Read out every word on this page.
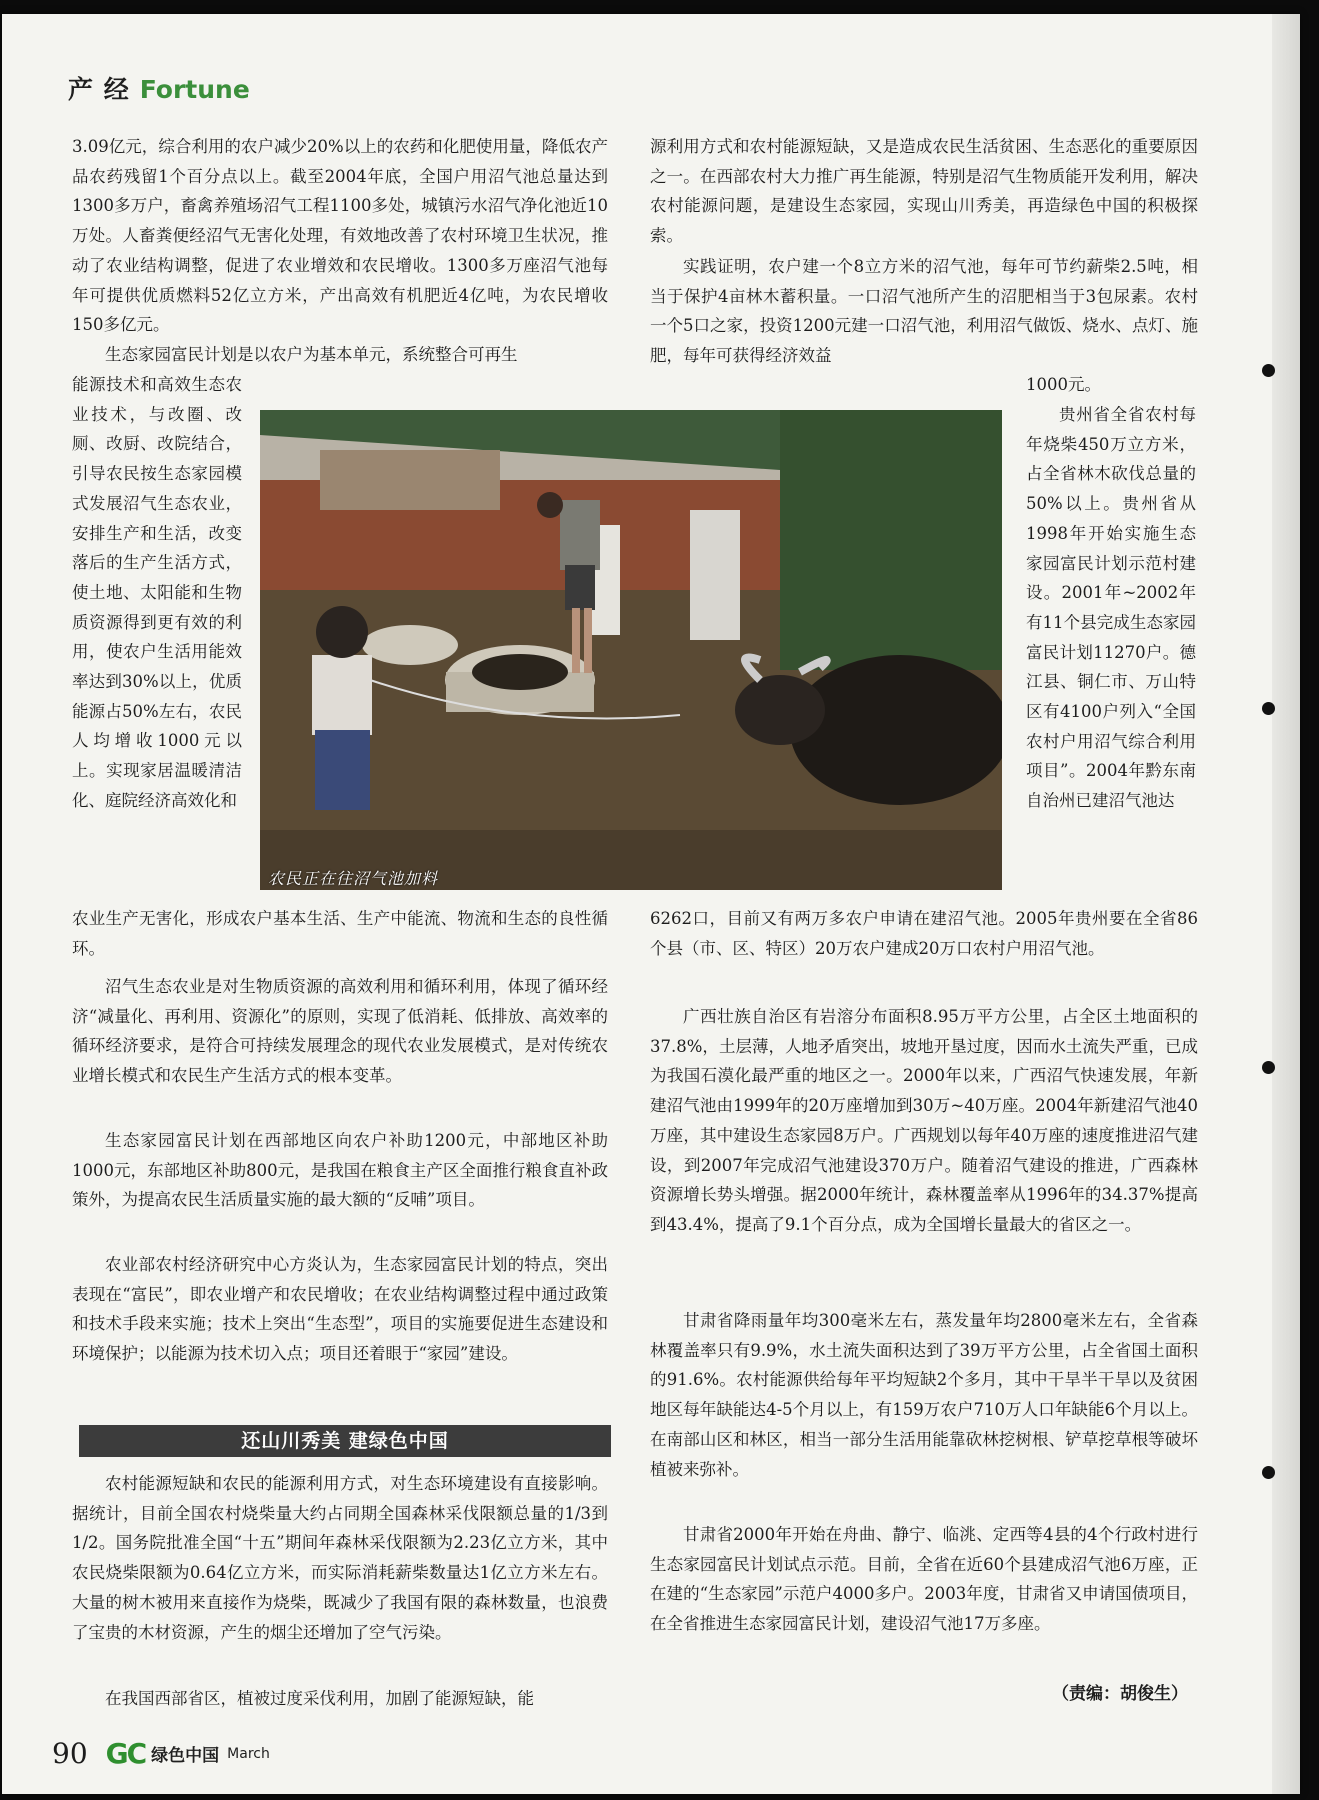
产 经 Fortune

3.09亿元，综合利用的农户减少20%以上的农药和化肥使用量，降低农产品农药残留1个百分点以上。截至2004年底，全国户用沼气池总量达到1300多万户，畜禽养殖场沼气工程1100多处，城镇污水沼气净化池近10万处。人畜粪便经沼气无害化处理，有效地改善了农村环境卫生状况，推动了农业结构调整，促进了农业增效和农民增收。1300多万座沼气池每年可提供优质燃料52亿立方米，产出高效有机肥近4亿吨，为农民增收150多亿元。

生态家园富民计划是以农户为基本单元，系统整合可再生

能源技术和高效生态农业技术，与改圈、改厕、改厨、改院结合，引导农民按生态家园模式发展沼气生态农业，安排生产和生活，改变落后的生产生活方式，使土地、太阳能和生物质资源得到更有效的利用，使农户生活用能效率达到30%以上，优质能源占50%左右，农民人均增收1000元以上。实现家居温暖清洁化、庭院经济高效化和

农业生产无害化，形成农户基本生活、生产中能流、物流和生态的良性循环。

沼气生态农业是对生物质资源的高效利用和循环利用，体现了循环经济“减量化、再利用、资源化”的原则，实现了低消耗、低排放、高效率的循环经济要求，是符合可持续发展理念的现代农业发展模式，是对传统农业增长模式和农民生产生活方式的根本变革。

生态家园富民计划在西部地区向农户补助1200元，中部地区补助1000元，东部地区补助800元，是我国在粮食主产区全面推行粮食直补政策外，为提高农民生活质量实施的最大额的“反哺”项目。

农业部农村经济研究中心方炎认为，生态家园富民计划的特点，突出表现在“富民”，即农业增产和农民增收；在农业结构调整过程中通过政策和技术手段来实施；技术上突出“生态型”，项目的实施要促进生态建设和环境保护；以能源为技术切入点；项目还着眼于“家园”建设。

还山川秀美 建绿色中国

农村能源短缺和农民的能源利用方式，对生态环境建设有直接影响。据统计，目前全国农村烧柴量大约占同期全国森林采伐限额总量的1/3到1/2。国务院批准全国“十五”期间年森林采伐限额为2.23亿立方米，其中农民烧柴限额为0.64亿立方米，而实际消耗薪柴数量达1亿立方米左右。大量的树木被用来直接作为烧柴，既减少了我国有限的森林数量，也浪费了宝贵的木材资源，产生的烟尘还增加了空气污染。

在我国西部省区，植被过度采伐利用，加剧了能源短缺，能

源利用方式和农村能源短缺，又是造成农民生活贫困、生态恶化的重要原因之一。在西部农村大力推广再生能源，特别是沼气生物质能开发利用，解决农村能源问题，是建设生态家园，实现山川秀美，再造绿色中国的积极探索。

实践证明，农户建一个8立方米的沼气池，每年可节约薪柴2.5吨，相当于保护4亩林木蓄积量。一口沼气池所产生的沼肥相当于3包尿素。农村一个5口之家，投资1200元建一口沼气池，利用沼气做饭、烧水、点灯、施肥，每年可获得经济效益

1000元。

贵州省全省农村每年烧柴450万立方米，占全省林木砍伐总量的50%以上。贵州省从1998年开始实施生态家园富民计划示范村建设。2001年~2002年有11个县完成生态家园富民计划11270户。德江县、铜仁市、万山特区有4100户列入“全国农村户用沼气综合利用项目”。2004年黔东南自治州已建沼气池达

6262口，目前又有两万多农户申请在建沼气池。2005年贵州要在全省86个县（市、区、特区）20万农户建成20万口农村户用沼气池。

广西壮族自治区有岩溶分布面积8.95万平方公里，占全区土地面积的37.8%，土层薄，人地矛盾突出，坡地开垦过度，因而水土流失严重，已成为我国石漠化最严重的地区之一。2000年以来，广西沼气快速发展，年新建沼气池由1999年的20万座增加到30万~40万座。2004年新建沼气池40万座，其中建设生态家园8万户。广西规划以每年40万座的速度推进沼气建设，到2007年完成沼气池建设370万户。随着沼气建设的推进，广西森林资源增长势头增强。据2000年统计，森林覆盖率从1996年的34.37%提高到43.4%，提高了9.1个百分点，成为全国增长量最大的省区之一。

甘肃省降雨量年均300毫米左右，蒸发量年均2800毫米左右，全省森林覆盖率只有9.9%，水土流失面积达到了39万平方公里，占全省国土面积的91.6%。农村能源供给每年平均短缺2个多月，其中干旱半干旱以及贫困地区每年缺能达4-5个月以上，有159万农户710万人口年缺能6个月以上。在南部山区和林区，相当一部分生活用能靠砍林挖树根、铲草挖草根等破坏植被来弥补。

甘肃省2000年开始在舟曲、静宁、临洮、定西等4县的4个行政村进行生态家园富民计划试点示范。目前，全省在近60个县建成沼气池6万座，正在建的“生态家园”示范户4000多户。2003年度，甘肃省又申请国债项目，在全省推进生态家园富民计划，建设沼气池17万多座。

（责编：胡俊生）
农民正在往沼气池加料
90 GC 绿色中国 March
